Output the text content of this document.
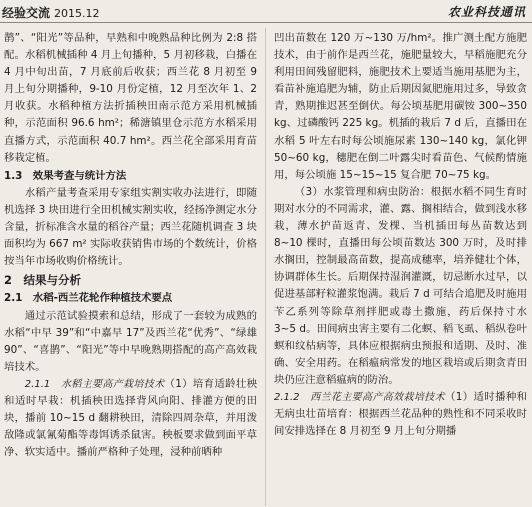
经验交流 2015.12	农业科技通讯

鹊”、“阳光”等品种，早熟和中晚熟品种比例为 2:8 搭配。水稻机械插种 4 月上旬播种，5 月初移栽，白播在 4 月中旬出苗，7 月底前后收获；西兰花 8 月初至 9 月上旬分期播种，9-10 月份定植，12 月至次年 1、2 月收获。水稻种植方法折插秧田南示范方采用机械插种，示范面积 96.6 hm²；稀溏镇里仓示范方水稻采用直播方式，示范面积 40.7 hm²。西兰花全部采用育苗移栽定植。

1.3　效果考查与统计方法

水稻产量考查采用专家组实割实收办法进行，即随机选择 3 块田进行全田机械实割实收，经扬净测定水分含量，折标准含水量的稻谷产量；西兰花随机调查 3 块面积均为 667 m² 实际收获销售市场的个数统计，价格按当年市场收购价格统计。

2　结果与分析

2.1　水稻-西兰花轮作种植技术要点

通过示范试验摸索和总结，形成了一套较为成熟的水稻“中早 39”和“中嘉早 17”及西兰花“优秀”、“绿雄 90”、“喜鹊”、“阳光”等中早晚熟期搭配的高产高效栽培技术。

2.1.1　水稻主要高产栽培技术（1）培育适龄壮秧和适时早栽：机插秧田选择背风向阳、排灌方便的田块，播前 10~15 d 翻耕秧田，清除四周杂草，并用泼敌隆或氯氰菊酯等毒饵诱杀鼠害。秧板要求做到面平草净、软实适中。播前严格种子处理，浸种前晒种

凹出苗数在 120 万~130 万/hm²。推广测土配方施肥技术，由于前作是西兰花，施肥量较大，早稻施肥充分利用田间残留肥料，施肥技术上要适当施用基肥为主，看苗补施追肥为辅，防止后期因氮肥施用过多，导致贪青，熟期推迟甚至倒伏。每公顷基肥用碳铵 300~350 kg、过磷酸钙 225 kg。机插的栽后 7 d 后，直播田在水稻 5 叶左右时每公顷施尿素 130~140 kg，氯化钾 50~60 kg，穗肥在倒二叶露尖时看苗色、气候酌情施用，每公顷施 15~15~15 复合肥 70~75 kg。

（3）水浆管理和病虫防治：根据水稻不同生育时期对水分的不同需求，灌、露、搁相结合，做到浅水移栽，薄水护苗返青、发棵、当机插田每丛苗数达到 8~10 棵时，直播田每公顷苗数达 300 万时，及时排水搁田，控制最高苗数，提高成穗率，培养健壮个体，协调群体生长。后期保持湿润灌溉，切忌断水过早，以促进基部籽粒灌浆饱满。栽后 7 d 可结合追肥及时施用苄乙系列等除草剂拌肥或毒土撒施，药后保持寸水 3~5 d。田间病虫害主要有二化螟、稻飞虱、稻纵卷叶螟和纹枯病等，具体应根据病虫预报和适期、及时、准确、安全用药。在稻瘟病常发的地区栽培或后期贪青田块仍应注意稻瘟病的防治。

2.1.2　西兰花主要高产高效栽培技术（1）适时播种和无病虫壮苗培育：根据西兰花品种的熟性和不同采收时间安排选择在 8 月初至 9 月上旬分期播
